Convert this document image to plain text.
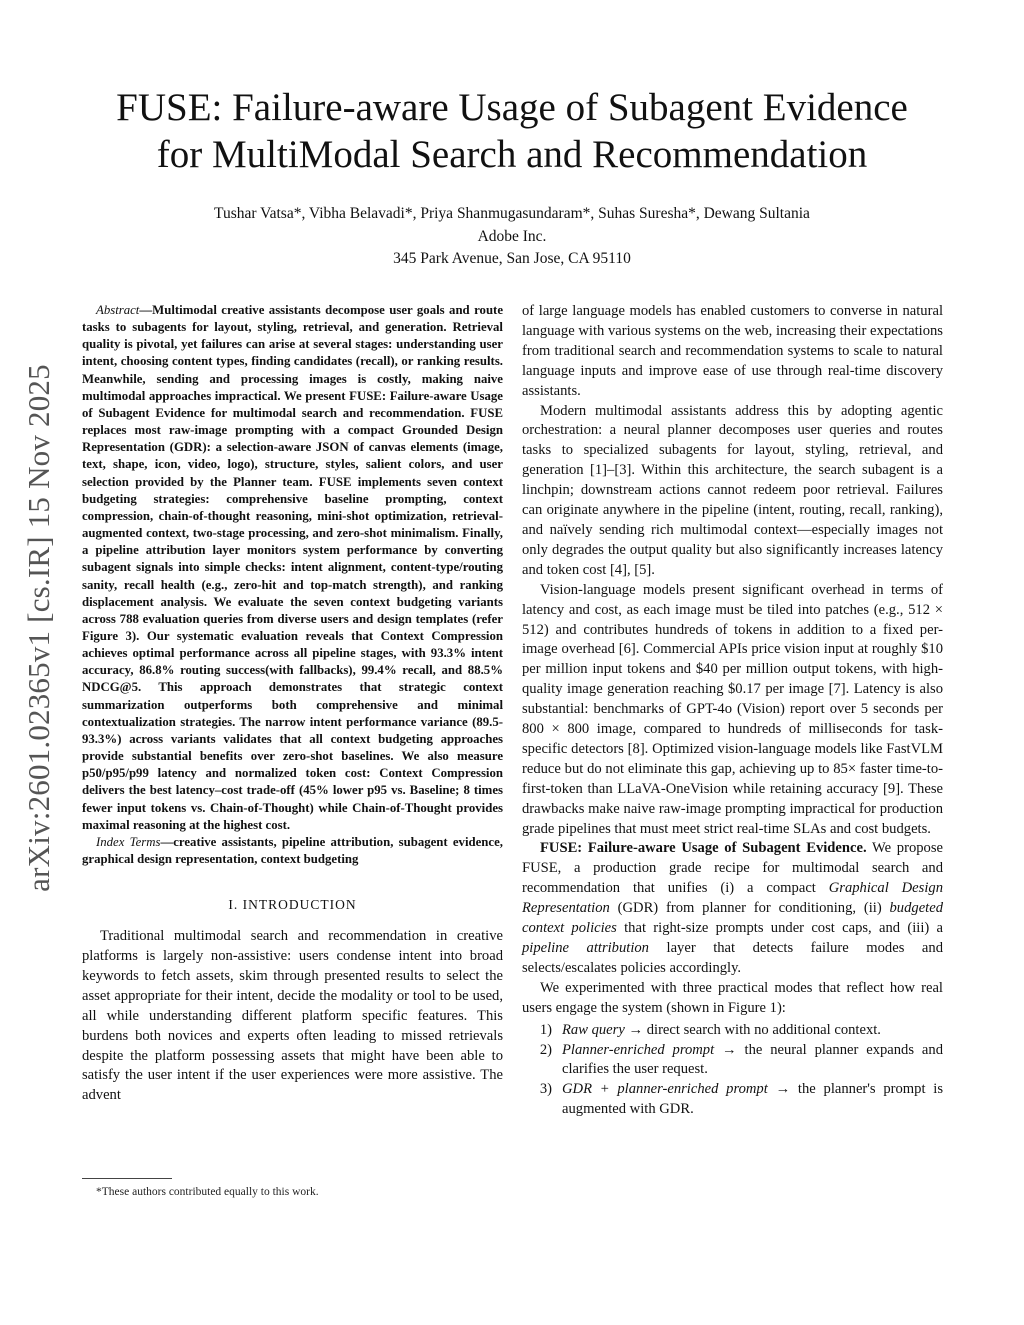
arXiv:2601.02365v1 [cs.IR] 15 Nov 2025
FUSE: Failure-aware Usage of Subagent Evidence
for MultiModal Search and Recommendation
Tushar Vatsa*, Vibha Belavadi*, Priya Shanmugasundaram*, Suhas Suresha*, Dewang Sultania
Adobe Inc.
345 Park Avenue, San Jose, CA 95110

Abstract—Multimodal creative assistants decompose user goals and route tasks to subagents for layout, styling, retrieval, and generation. Retrieval quality is pivotal, yet failures can arise at several stages: understanding user intent, choosing content types, finding candidates (recall), or ranking results. Meanwhile, sending and processing images is costly, making naive multimodal approaches impractical. We present FUSE: Failure-aware Usage of Subagent Evidence for multimodal search and recommendation. FUSE replaces most raw-image prompting with a compact Grounded Design Representation (GDR): a selection-aware JSON of canvas elements (image, text, shape, icon, video, logo), structure, styles, salient colors, and user selection provided by the Planner team. FUSE implements seven context budgeting strategies: comprehensive baseline prompting, context compression, chain-of-thought reasoning, mini-shot optimization, retrieval-augmented context, two-stage processing, and zero-shot minimalism. Finally, a pipeline attribution layer monitors system performance by converting subagent signals into simple checks: intent alignment, content-type/routing sanity, recall health (e.g., zero-hit and top-match strength), and ranking displacement analysis. We evaluate the seven context budgeting variants across 788 evaluation queries from diverse users and design templates (refer Figure 3). Our systematic evaluation reveals that Context Compression achieves optimal performance across all pipeline stages, with 93.3% intent accuracy, 86.8% routing success(with fallbacks), 99.4% recall, and 88.5% NDCG@5. This approach demonstrates that strategic context summarization outperforms both comprehensive and minimal contextualization strategies. The narrow intent performance variance (89.5-93.3%) across variants validates that all context budgeting approaches provide substantial benefits over zero-shot baselines. We also measure p50/p95/p99 latency and normalized token cost: Context Compression delivers the best latency–cost trade-off (45% lower p95 vs. Baseline; 8 times fewer input tokens vs. Chain-of-Thought) while Chain-of-Thought provides maximal reasoning at the highest cost.

Index Terms—creative assistants, pipeline attribution, subagent evidence, graphical design representation, context budgeting

I. INTRODUCTION

Traditional multimodal search and recommendation in creative platforms is largely non-assistive: users condense intent into broad keywords to fetch assets, skim through presented results to select the asset appropriate for their intent, decide the modality or tool to be used, all while understanding different platform specific features. This burdens both novices and experts often leading to missed retrievals despite the platform possessing assets that might have been able to satisfy the user intent if the user experiences were more assistive. The advent

*These authors contributed equally to this work.

of large language models has enabled customers to converse in natural language with various systems on the web, increasing their expectations from traditional search and recommendation systems to scale to natural language inputs and improve ease of use through real-time discovery assistants.

Modern multimodal assistants address this by adopting agentic orchestration: a neural planner decomposes user queries and routes tasks to specialized subagents for layout, styling, retrieval, and generation [1]–[3]. Within this architecture, the search subagent is a linchpin; downstream actions cannot redeem poor retrieval. Failures can originate anywhere in the pipeline (intent, routing, recall, ranking), and naïvely sending rich multimodal context—especially images not only degrades the output quality but also significantly increases latency and token cost [4], [5].

Vision-language models present significant overhead in terms of latency and cost, as each image must be tiled into patches (e.g., 512 × 512) and contributes hundreds of tokens in addition to a fixed per-image overhead [6]. Commercial APIs price vision input at roughly $10 per million input tokens and $40 per million output tokens, with high-quality image generation reaching $0.17 per image [7]. Latency is also substantial: benchmarks of GPT-4o (Vision) report over 5 seconds per 800 × 800 image, compared to hundreds of milliseconds for task-specific detectors [8]. Optimized vision-language models like FastVLM reduce but do not eliminate this gap, achieving up to 85× faster time-to-first-token than LLaVA-OneVision while retaining accuracy [9]. These drawbacks make naive raw-image prompting impractical for production grade pipelines that must meet strict real-time SLAs and cost budgets.

FUSE: Failure-aware Usage of Subagent Evidence. We propose FUSE, a production grade recipe for multimodal search and recommendation that unifies (i) a compact Graphical Design Representation (GDR) from planner for conditioning, (ii) budgeted context policies that right-size prompts under cost caps, and (iii) a pipeline attribution layer that detects failure modes and selects/escalates policies accordingly.

We experimented with three practical modes that reflect how real users engage the system (shown in Figure 1):

1) Raw query → direct search with no additional context.
2) Planner-enriched prompt → the neural planner expands and clarifies the user request.
3) GDR + planner-enriched prompt → the planner's prompt is augmented with GDR.
